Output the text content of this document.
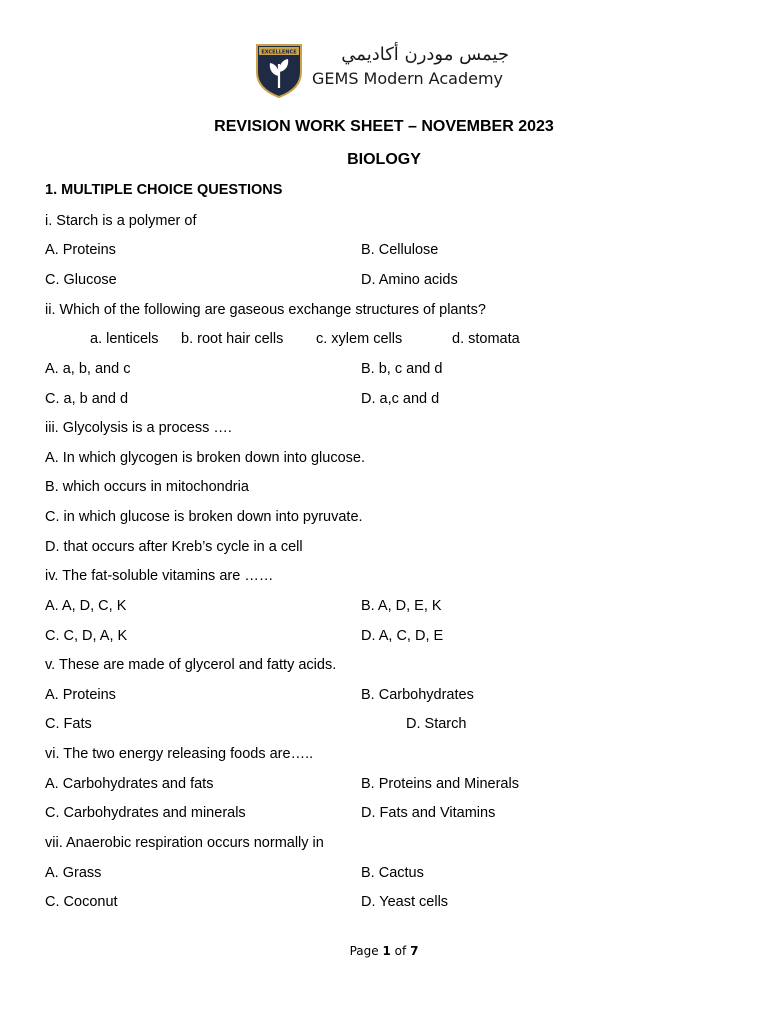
EXCELLENCE	جيمس مودرن أكاديمي
GEMS Modern Academy
REVISION WORK SHEET – NOVEMBER 2023
BIOLOGY
1. MULTIPLE CHOICE QUESTIONS
i. Starch is a polymer of
A. Proteins	B. Cellulose
C. Glucose	D. Amino acids
ii. Which of the following are gaseous exchange structures of plants?
a. lenticels b. root hair cells c. xylem cells	d. stomata
A. a, b, and c	B. b, c and d
C. a, b and d	D. a,c and d
iii. Glycolysis is a process ….
A. In which glycogen is broken down into glucose.
B. which occurs in mitochondria
C. in which glucose is broken down into pyruvate.
D. that occurs after Kreb’s cycle in a cell
iv. The fat-soluble vitamins are ……
A. A, D, C, K	B. A, D, E, K
C. C, D, A, K	D. A, C, D, E
v. These are made of glycerol and fatty acids.
A. Proteins	B. Carbohydrates
C. Fats	D. Starch
vi. The two energy releasing foods are…..
A. Carbohydrates and fats	B. Proteins and Minerals
C. Carbohydrates and minerals	D. Fats and Vitamins
vii. Anaerobic respiration occurs normally in
A. Grass	B. Cactus
C. Coconut	D. Yeast cells
Page 1 of 7
